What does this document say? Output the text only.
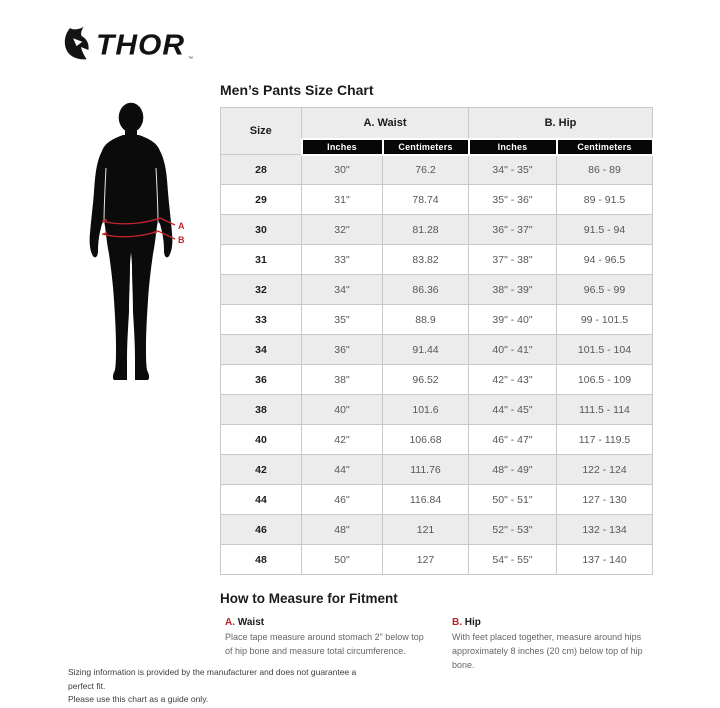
THOR ™
A
B
Men’s Pants Size Chart
Size	A. Waist		B. Hip	
	Inches	Centimeters	Inches	Centimeters
28	30"	76.2	34" - 35"	86 - 89
29	31"	78.74	35" - 36"	89 - 91.5
30	32"	81.28	36" - 37"	91.5 - 94
31	33"	83.82	37" - 38"	94 - 96.5
32	34"	86.36	38" - 39"	96.5 - 99
33	35"	88.9	39" - 40"	99 - 101.5
34	36"	91.44	40" - 41"	101.5 - 104
36	38"	96.52	42" - 43"	106.5 - 109
38	40"	101.6	44" - 45"	111.5 - 114
40	42"	106.68	46" - 47"	117 - 119.5
42	44"	111.76	48" - 49"	122 - 124
44	46"	116.84	50" - 51"	127 - 130
46	48"	121	52" - 53"	132 - 134
48	50"	127	54" - 55"	137 - 140
How to Measure for Fitment
A. Waist

Place tape measure around stomach 2" below top of hip bone and measure total circumference.

B. Hip

With feet placed together, measure around hips approximately 8 inches (20 cm) below top of hip bone.

Sizing information is provided by the manufacturer and does not guarantee a perfect fit.
Please use this chart as a guide only.
